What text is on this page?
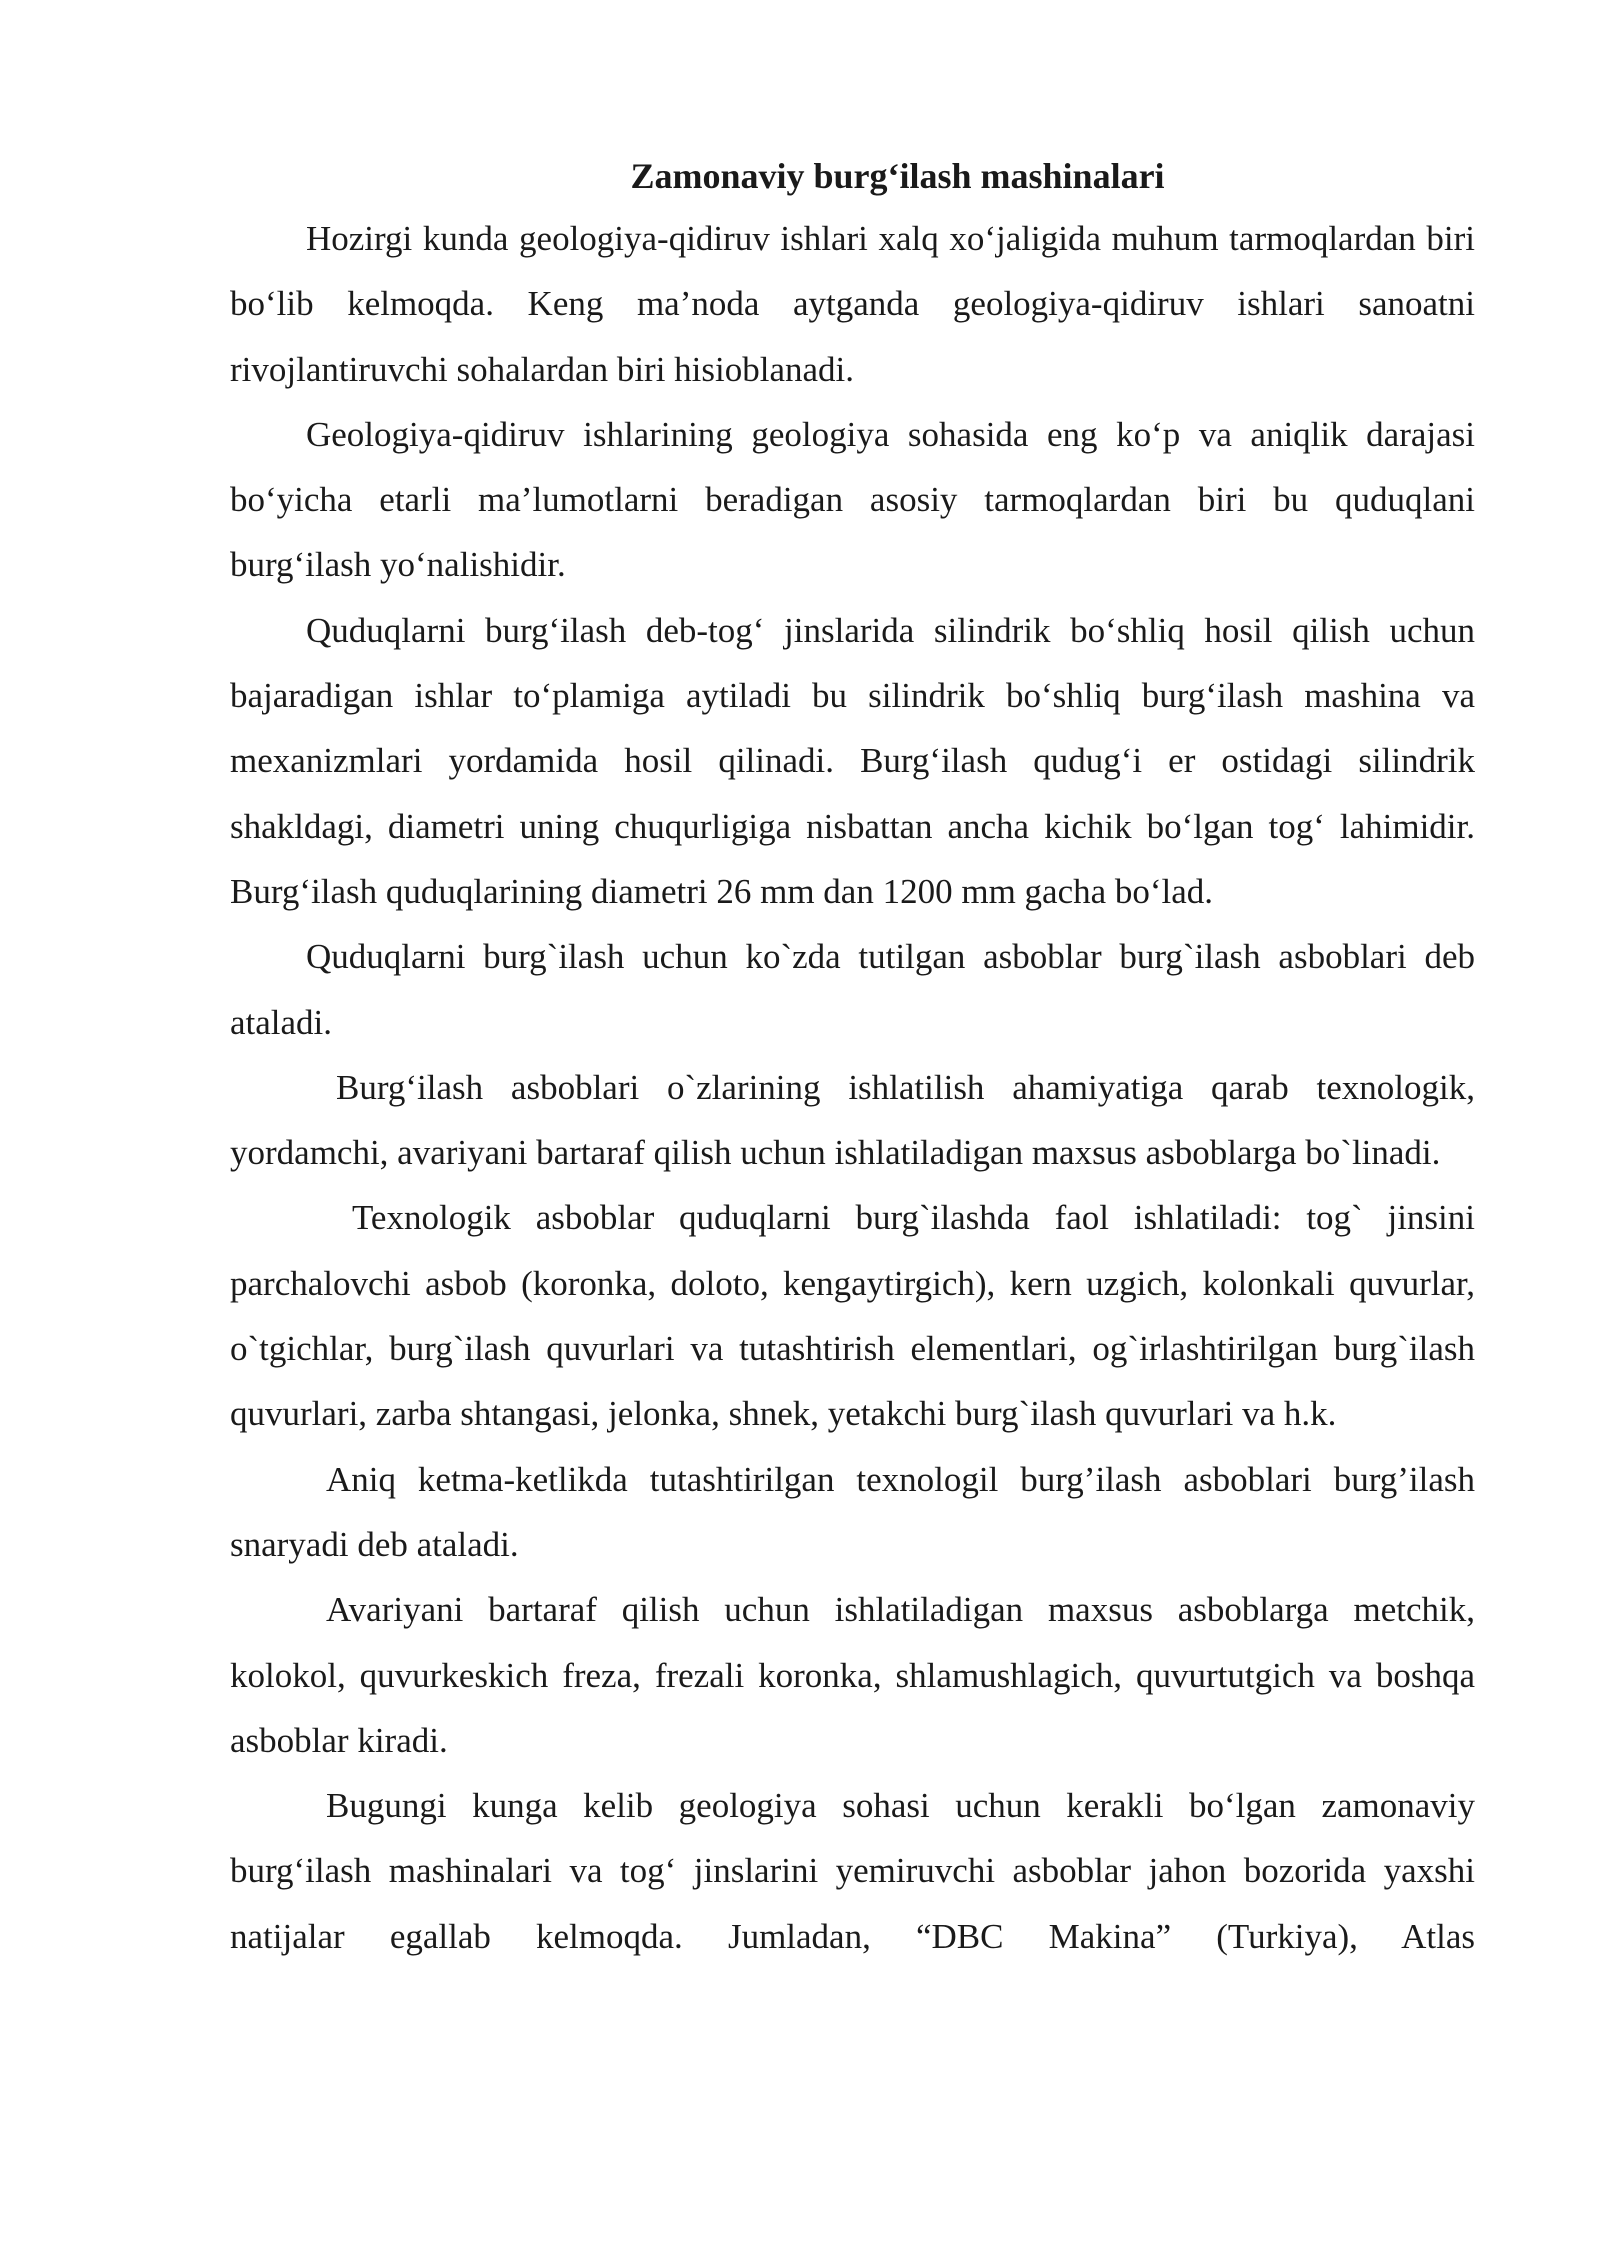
Zamonaviy burg‘ilash mashinalari

Hozirgi kunda geologiya-qidiruv ishlari xalq xo‘jaligida muhum tarmoqlardan biri bo‘lib kelmoqda. Keng ma’noda aytganda geologiya-qidiruv ishlari sanoatni rivojlantiruvchi sohalardan biri hisioblanadi.

Geologiya-qidiruv ishlarining geologiya sohasida eng ko‘p va aniqlik darajasi bo‘yicha etarli ma’lumotlarni beradigan asosiy tarmoqlardan biri bu quduqlani burg‘ilash yo‘nalishidir.

Quduqlarni burg‘ilash deb-tog‘ jinslarida silindrik bo‘shliq hosil qilish uchun bajaradigan ishlar to‘plamiga aytiladi bu silindrik bo‘shliq burg‘ilash mashina va mexanizmlari yordamida hosil qilinadi. Burg‘ilash qudug‘i er ostidagi silindrik shakldagi, diametri uning chuqurligiga nisbattan ancha kichik bo‘lgan tog‘ lahimidir. Burg‘ilash quduqlarining diametri 26 mm dan 1200 mm gacha bo‘lad.

Quduqlarni burg`ilash uchun ko`zda tutilgan asboblar burg`ilash asboblari deb ataladi.

Burg‘ilash asboblari o`zlarining ishlatilish ahamiyatiga qarab texnologik, yordamchi, avariyani bartaraf qilish uchun ishlatiladigan maxsus asboblarga bo`linadi.

Texnologik asboblar quduqlarni burg`ilashda faol ishlatiladi: tog` jinsini parchalovchi asbob (koronka, doloto, kengaytirgich), kern uzgich, kolonkali quvurlar, o`tgichlar, burg`ilash quvurlari va tutashtirish elementlari, og`irlashtirilgan burg`ilash quvurlari, zarba shtangasi, jelonka, shnek, yetakchi burg`ilash quvurlari va h.k.

Aniq ketma-ketlikda tutashtirilgan texnologil burg’ilash asboblari burg’ilash snaryadi deb ataladi.

Avariyani bartaraf qilish uchun ishlatiladigan maxsus asboblarga metchik, kolokol, quvurkeskich freza, frezali koronka, shlamushlagich, quvurtutgich va boshqa asboblar kiradi.

Bugungi kunga kelib geologiya sohasi uchun kerakli bo‘lgan zamonaviy burg‘ilash mashinalari va tog‘ jinslarini yemiruvchi asboblar jahon bozorida yaxshi natijalar egallab kelmoqda. Jumladan, “DBC Makina” (Turkiya), Atlas
